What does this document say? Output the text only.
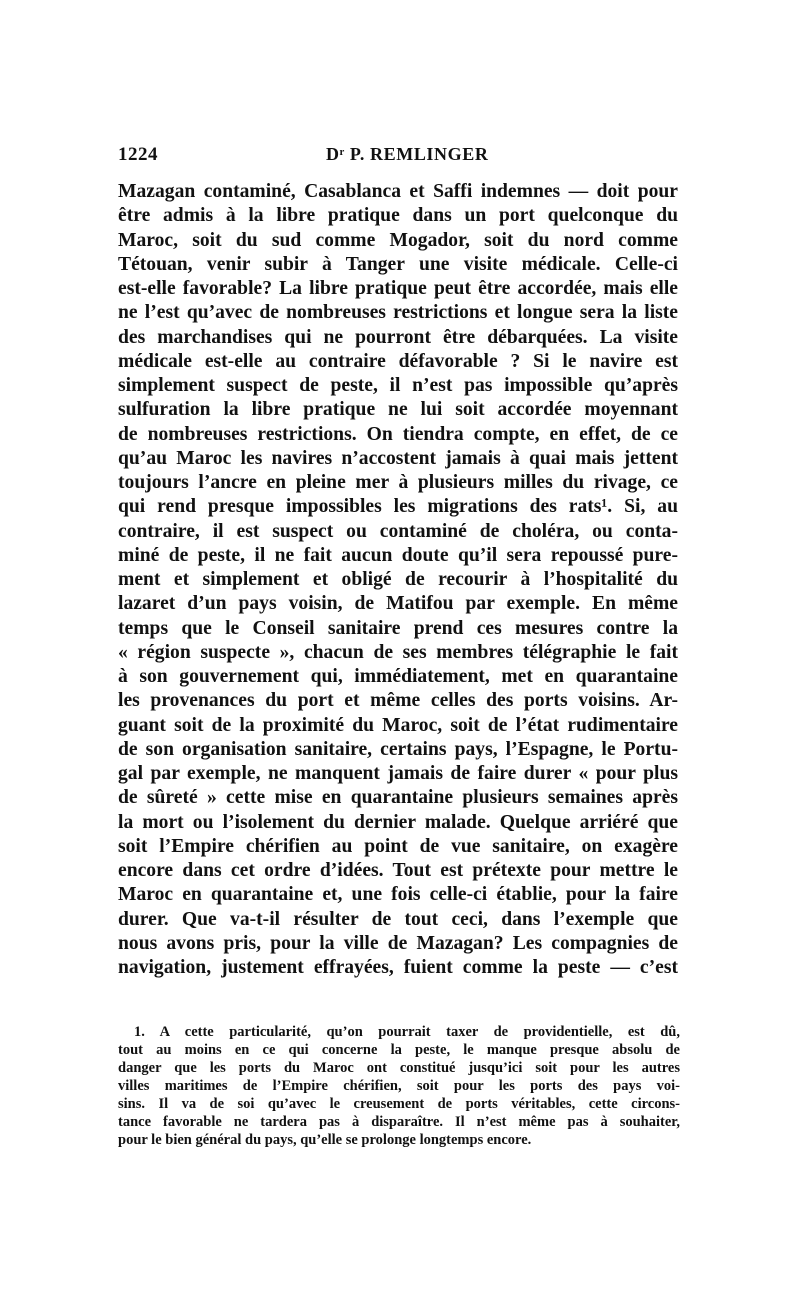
1224	Dʳ P. REMLINGER
Mazagan contaminé, Casablanca et Saffi indemnes — doit pour
être admis à la libre pratique dans un port quelconque du
Maroc, soit du sud comme Mogador, soit du nord comme
Tétouan, venir subir à Tanger une visite médicale. Celle-ci
est-elle favorable? La libre pratique peut être accordée, mais elle
ne l’est qu’avec de nombreuses restrictions et longue sera la liste
des marchandises qui ne pourront être débarquées. La visite
médicale est-elle au contraire défavorable ? Si le navire est
simplement suspect de peste, il n’est pas impossible qu’après
sulfuration la libre pratique ne lui soit accordée moyennant
de nombreuses restrictions. On tiendra compte, en effet, de ce
qu’au Maroc les navires n’accostent jamais à quai mais jettent
toujours l’ancre en pleine mer à plusieurs milles du rivage, ce
qui rend presque impossibles les migrations des rats¹. Si, au
contraire, il est suspect ou contaminé de choléra, ou conta-
miné de peste, il ne fait aucun doute qu’il sera repoussé pure-
ment et simplement et obligé de recourir à l’hospitalité du
lazaret d’un pays voisin, de Matifou par exemple. En même
temps que le Conseil sanitaire prend ces mesures contre la
« région suspecte », chacun de ses membres télégraphie le fait
à son gouvernement qui, immédiatement, met en quarantaine
les provenances du port et même celles des ports voisins. Ar-
guant soit de la proximité du Maroc, soit de l’état rudimentaire
de son organisation sanitaire, certains pays, l’Espagne, le Portu-
gal par exemple, ne manquent jamais de faire durer « pour plus
de sûreté » cette mise en quarantaine plusieurs semaines après
la mort ou l’isolement du dernier malade. Quelque arriéré que
soit l’Empire chérifien au point de vue sanitaire, on exagère
encore dans cet ordre d’idées. Tout est prétexte pour mettre le
Maroc en quarantaine et, une fois celle-ci établie, pour la faire
durer. Que va-t-il résulter de tout ceci, dans l’exemple que
nous avons pris, pour la ville de Mazagan? Les compagnies de
navigation, justement effrayées, fuient comme la peste — c’est
1. A cette particularité, qu’on pourrait taxer de providentielle, est dû,
tout au moins en ce qui concerne la peste, le manque presque absolu de
danger que les ports du Maroc ont constitué jusqu’ici soit pour les autres
villes maritimes de l’Empire chérifien, soit pour les ports des pays voi-
sins. Il va de soi qu’avec le creusement de ports véritables, cette circons-
tance favorable ne tardera pas à disparaître. Il n’est même pas à souhaiter,
pour le bien général du pays, qu’elle se prolonge longtemps encore.
